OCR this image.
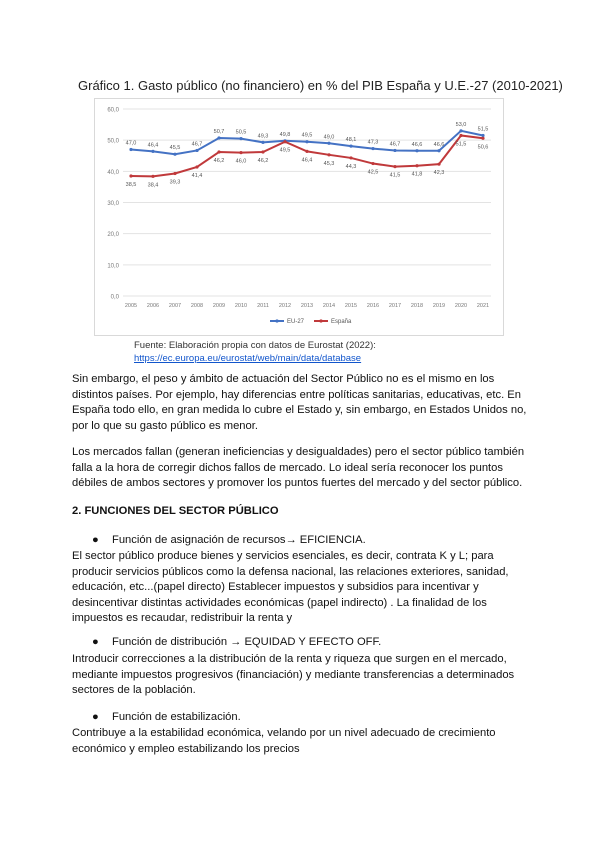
Gráfico 1. Gasto público (no financiero) en % del PIB España y U.E.-27 (2010-2021)
0,0
10,0
20,0
30,0
40,0
50,0
60,0
2005 2006 2007 2008 2009 2010 2011 2012 2013 2014 2015 2016 2017 2018 2019 2020 2021
47,0 46,4 45,5
46,7
50,7 50,5
49,3 49,8 49,5 49,0 48,1 47,3 46,7 46,6 46,6
53,0
51,5
38,5 38,4 39,3
41,4
46,2 46,0 46,2
49,5
46,4
45,3
44,3
42,5
41,5 41,8 42,3
51,5 50,6
EU-27	España
Fuente: Elaboración propia con datos de Eurostat (2022):
https://ec.europa.eu/eurostat/web/main/data/database

Sin embargo, el peso y ámbito de actuación del Sector Público no es el mismo en los distintos países. Por ejemplo, hay diferencias entre políticas sanitarias, educativas, etc. En España todo ello, en gran medida lo cubre el Estado y, sin embargo, en Estados Unidos no, por lo que su gasto público es menor.

Los mercados fallan (generan ineficiencias y desigualdades) pero el sector público también falla a la hora de corregir dichos fallos de mercado. Lo ideal sería reconocer los puntos débiles de ambos sectores y promover los puntos fuertes del mercado y del sector público.

2. FUNCIONES DEL SECTOR PÚBLICO
● Función de asignación de recursos→ EFICIENCIA.

El sector público produce bienes y servicios esenciales, es decir, contrata K y L; para producir servicios públicos como la defensa nacional, las relaciones exteriores, sanidad, educación, etc...(papel directo) Establecer impuestos y subsidios para incentivar y desincentivar distintas actividades económicas (papel indirecto) . La finalidad de los impuestos es recaudar, redistribuir la renta y

● Función de distribución → EQUIDAD Y EFECTO OFF.

Introducir correcciones a la distribución de la renta y riqueza que surgen en el mercado, mediante impuestos progresivos (financiación) y mediante transferencias a determinados sectores de la población.

● Función de estabilización.

Contribuye a la estabilidad económica, velando por un nivel adecuado de crecimiento económico y empleo estabilizando los precios
